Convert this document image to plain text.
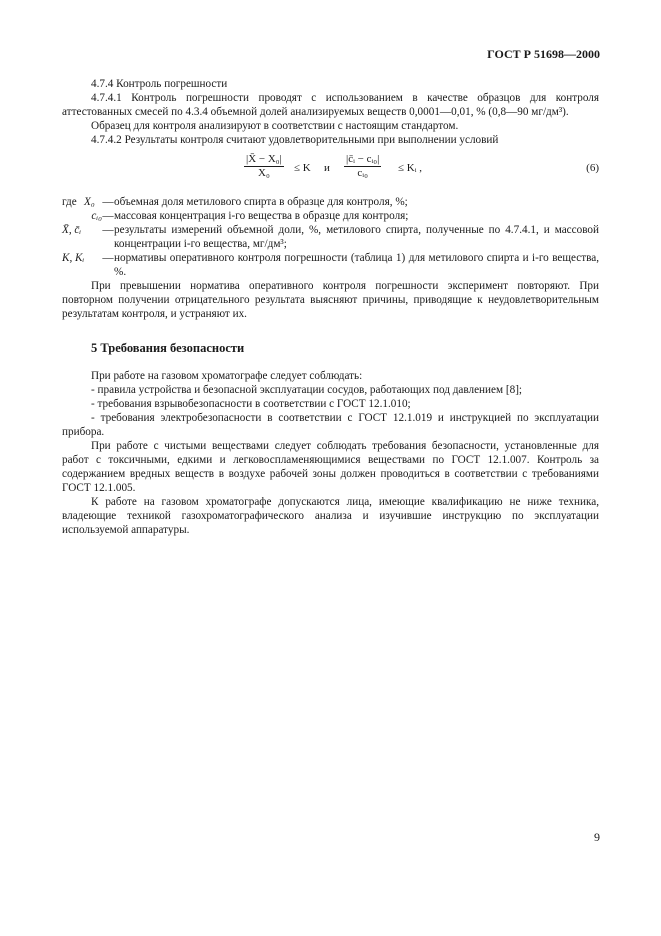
ГОСТ Р 51698—2000

4.7.4 Контроль погрешности

4.7.4.1 Контроль погрешности проводят с использованием в качестве образцов для контроля аттестованных смесей по 4.3.4 объемной долей анализируемых веществ 0,0001—0,01, % (0,8—90 мг/дм³).

Образец для контроля анализируют в соответствии с настоящим стандартом.

4.7.4.2 Результаты контроля считают удовлетворительными при выполнении условий

$\frac{\text{|X̄ − X₀|}}{\text{X₀}} \le K$ и $\frac{\text{|c̄ᵢ − cᵢ₀|}}{\text{cᵢ₀}}$ ≤ Kᵢ ,	(6)
где X₀ — объемная доля метилового спирта в образце для контроля, %;
cᵢ₀ — массовая концентрация i-го вещества в образце для контроля;
X̄, c̄ᵢ	— результаты измерений объемной доли, %, метилового спирта, полученные по 4.7.4.1, и массовой концентрации i-го вещества, мг/дм³;
K, Kᵢ	— нормативы оперативного контроля погрешности (таблица 1) для метилового спирта и i-го вещества, %.

При превышении норматива оперативного контроля погрешности эксперимент повторяют. При повторном получении отрицательного результата выясняют причины, приводящие к неудовлетворительным результатам контроля, и устраняют их.

5 Требования безопасности

При работе на газовом хроматографе следует соблюдать:

- правила устройства и безопасной эксплуатации сосудов, работающих под давлением [8];

- требования взрывобезопасности в соответствии с ГОСТ 12.1.010;

- требования электробезопасности в соответствии с ГОСТ 12.1.019 и инструкцией по эксплуатации прибора.

При работе с чистыми веществами следует соблюдать требования безопасности, установленные для работ с токсичными, едкими и легковоспламеняющимися веществами по ГОСТ 12.1.007. Контроль за содержанием вредных веществ в воздухе рабочей зоны должен проводиться в соответствии с требованиями ГОСТ 12.1.005.

К работе на газовом хроматографе допускаются лица, имеющие квалификацию не ниже техника, владеющие техникой газохроматографического анализа и изучившие инструкцию по эксплуатации используемой аппаратуры.

9
